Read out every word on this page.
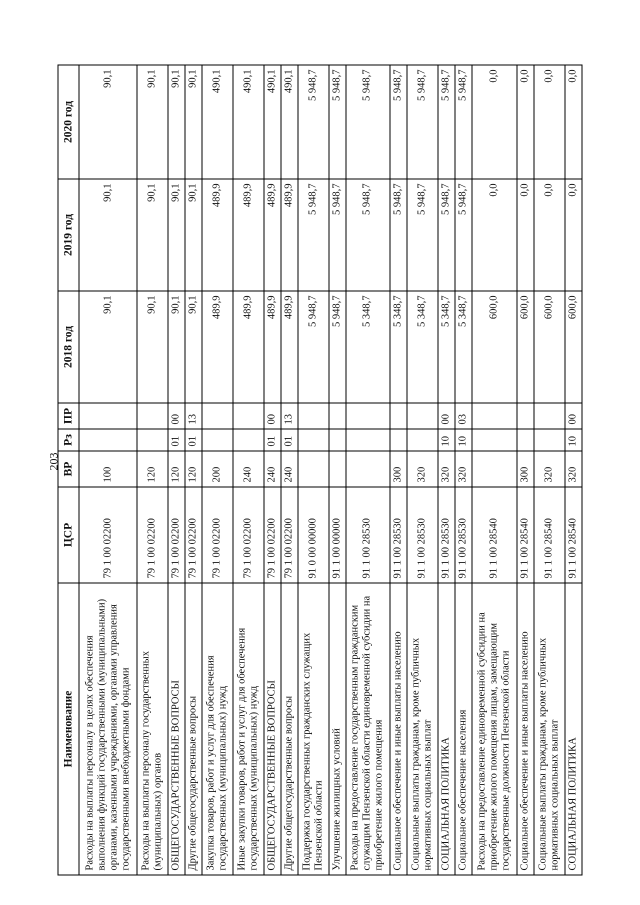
203
Наименование	ЦСР	ВР	Рз	ПР	2018 год	2019 год	2020 год
Расходы на выплаты персоналу в целях обеспечения выполнения функций государственными (муниципальными) органами, казенными учреждениями, органами управления государственными внебюджетными фондами	79 1 00 02200	100			90,1	90,1	90,1
Расходы на выплаты персоналу государственных (муниципальных) органов	79 1 00 02200	120			90,1	90,1	90,1
ОБЩЕГОСУДАРСТВЕННЫЕ ВОПРОСЫ	79 1 00 02200	120	01	00	90,1	90,1	90,1
Другие общегосударственные вопросы	79 1 00 02200	120	01	13	90,1	90,1	90,1
Закупка товаров, работ и услуг для обеспечения государственных (муниципальных) нужд	79 1 00 02200	200			489,9	489,9	490,1
Иные закупки товаров, работ и услуг для обеспечения государственных (муниципальных) нужд	79 1 00 02200	240			489,9	489,9	490,1
ОБЩЕГОСУДАРСТВЕННЫЕ ВОПРОСЫ	79 1 00 02200	240	01	00	489,9	489,9	490,1
Другие общегосударственные вопросы	79 1 00 02200	240	01	13	489,9	489,9	490,1
Поддержка государственных гражданских служащих Пензенской области	91 0 00 00000				5 948,7	5 948,7	5 948,7
Улучшение жилищных условий	91 1 00 00000				5 948,7	5 948,7	5 948,7
Расходы на предоставление государственным гражданским служащим Пензенской области единовременной субсидии на приобретение жилого помещения	91 1 00 28530				5 348,7	5 948,7	5 948,7
Социальное обеспечение и иные выплаты населению	91 1 00 28530	300			5 348,7	5 948,7	5 948,7
Социальные выплаты гражданам, кроме публичных нормативных социальных выплат	91 1 00 28530	320			5 348,7	5 948,7	5 948,7
СОЦИАЛЬНАЯ ПОЛИТИКА	91 1 00 28530	320	10	00	5 348,7	5 948,7	5 948,7
Социальное обеспечение населения	91 1 00 28530	320	10	03	5 348,7	5 948,7	5 948,7
Расходы на предоставление единовременной субсидии на приобретение жилого помещения лицам, замещающим государственные должности Пензенской области	91 1 00 28540				600,0	0,0	0,0
Социальное обеспечение и иные выплаты населению	91 1 00 28540	300			600,0	0,0	0,0
Социальные выплаты гражданам, кроме публичных нормативных социальных выплат	91 1 00 28540	320			600,0	0,0	0,0
СОЦИАЛЬНАЯ ПОЛИТИКА	91 1 00 28540	320	10	00	600,0	0,0	0,0
